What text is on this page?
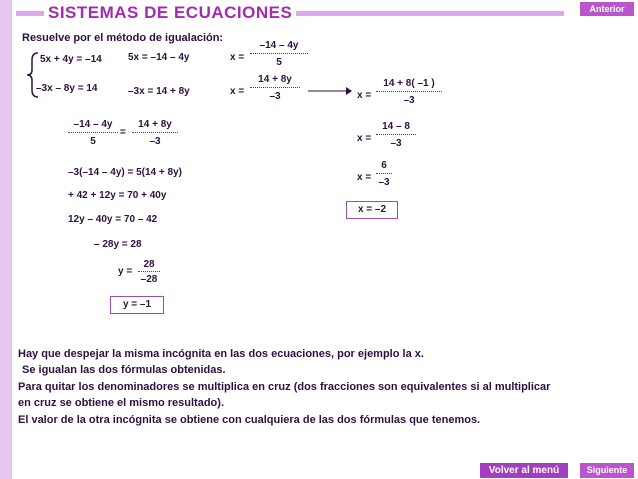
SISTEMAS DE ECUACIONES	Anterior
Resuelve por el método de igualación:
5x + 4y = –14
–3x – 8y = 14
5x = –14 – 4y
–3x = 14 + 8y
x =
–14 – 4y
5
x =
14 + 8y
–3	x =
14 + 8( –1 )
–3
–14 – 4y
5
=
14 + 8y
–3	x =
14 – 8
–3
–3(–14 – 4y) = 5(14 + 8y)	x =
6
–3
+ 42 + 12y = 70 + 40y
x = –2
12y – 40y = 70 – 42
– 28y = 28
y =
28
–28
y = –1
Hay que despejar la misma incógnita en las dos ecuaciones, por ejemplo la x.
Se igualan las dos fórmulas obtenidas.
Para quitar los denominadores se multiplica en cruz (dos fracciones son equivalentes si al multiplicar
en cruz se obtiene el mismo resultado).
El valor de la otra incógnita se obtiene con cualquiera de las dos fórmulas que tenemos.
Volver al menú	Siguiente
